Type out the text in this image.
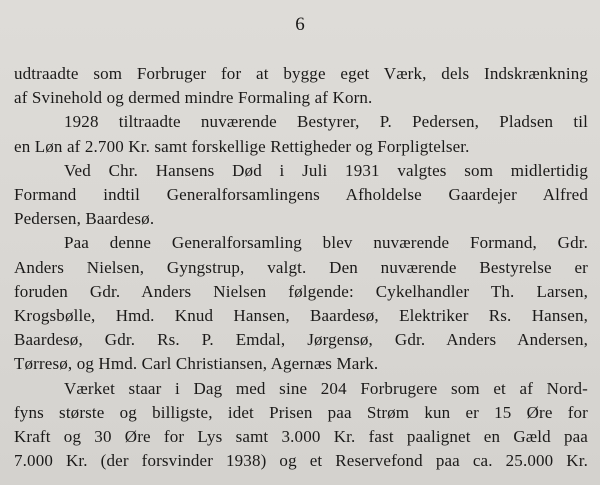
6
udtraadte som Forbruger for at bygge eget Værk, dels Indskrænkning
af Svinehold og dermed mindre Formaling af Korn.
1928 tiltraadte nuværende Bestyrer, P. Pedersen, Pladsen til
en Løn af 2.700 Kr. samt forskellige Rettigheder og Forpligtelser.
Ved Chr. Hansens Død i Juli 1931 valgtes som midlertidig
Formand indtil Generalforsamlingens Afholdelse Gaardejer Alfred
Pedersen, Baardesø.
Paa denne Generalforsamling blev nuværende Formand, Gdr.
Anders Nielsen, Gyngstrup, valgt. Den nuværende Bestyrelse er
foruden Gdr. Anders Nielsen følgende: Cykelhandler Th. Larsen,
Krogsbølle, Hmd. Knud Hansen, Baardesø, Elektriker Rs. Hansen,
Baardesø, Gdr. Rs. P. Emdal, Jørgensø, Gdr. Anders Andersen,
Tørresø, og Hmd. Carl Christiansen, Agernæs Mark.
Værket staar i Dag med sine 204 Forbrugere som et af Nord-
fyns største og billigste, idet Prisen paa Strøm kun er 15 Øre for
Kraft og 30 Øre for Lys samt 3.000 Kr. fast paalignet en Gæld paa
7.000 Kr. (der forsvinder 1938) og et Reservefond paa ca. 25.000 Kr.
